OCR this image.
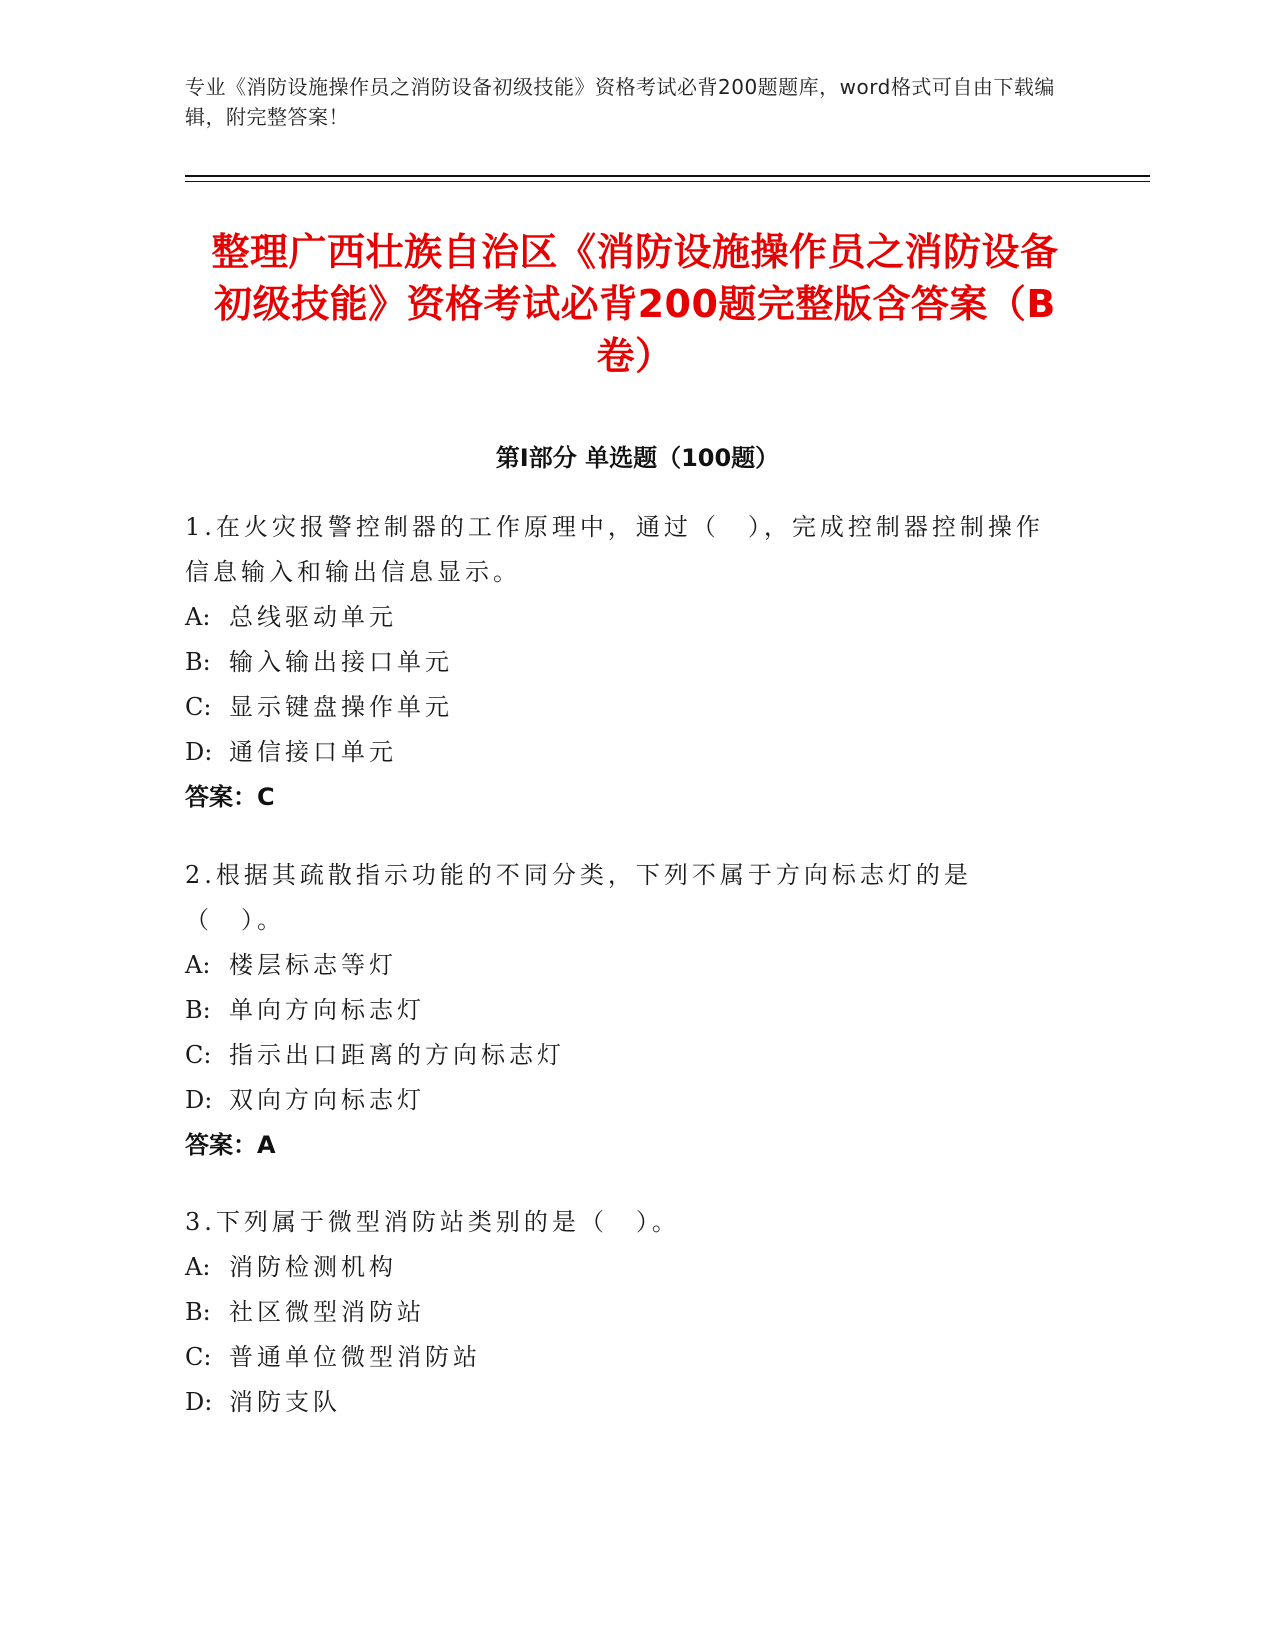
专业《消防设施操作员之消防设备初级技能》资格考试必背200题题库，word格式可自由下载编辑，附完整答案！
整理广西壮族自治区《消防设施操作员之消防设备初级技能》资格考试必背200题完整版含答案（B卷）
第I部分 单选题（100题）
1.在火灾报警控制器的工作原理中，通过（　），完成控制器控制操作信息输入和输出信息显示。
A: 总线驱动单元
B: 输入输出接口单元
C: 显示键盘操作单元
D: 通信接口单元
答案：C
2.根据其疏散指示功能的不同分类，下列不属于方向标志灯的是（　）。
A: 楼层标志等灯
B: 单向方向标志灯
C: 指示出口距离的方向标志灯
D: 双向方向标志灯
答案：A
3.下列属于微型消防站类别的是（　）。
A: 消防检测机构
B: 社区微型消防站
C: 普通单位微型消防站
D: 消防支队
